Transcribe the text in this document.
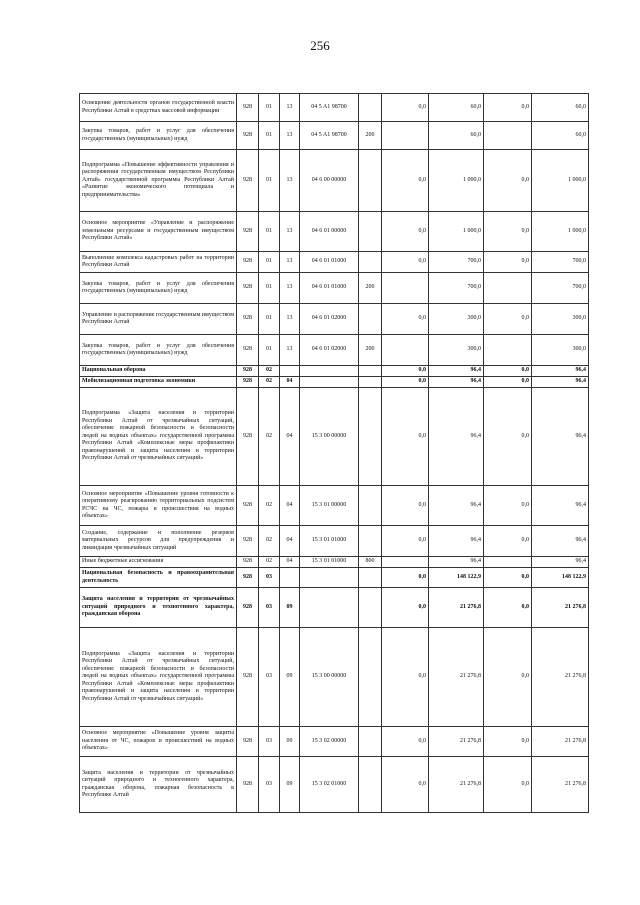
256
Освещение деятельности органов государственной власти Республики Алтай в средствах массовой информации	928	01	13	04 5 A1 98700		0,0	60,0	0,0	60,0
Закупка товаров, работ и услуг для обеспечения государственных (муниципальных) нужд	928	01	13	04 5 A1 98700	200		60,0		60,0
Подпрограмма «Повышение эффективности управления и распоряжения государственным имуществом Республики Алтай» государственной программы Республики Алтай «Развитие экономического потенциала и предпринимательства»	928	01	13	04 6 00 00000		0,0	1 000,0	0,0	1 000,0
Основное мероприятие «Управление и распоряжение земельными ресурсами и государственным имуществом Республики Алтай»	928	01	13	04 6 01 00000		0,0	1 000,0	0,0	1 000,0
Выполнение комплекса кадастровых работ на территории Республики Алтай	928	01	13	04 6 01 01000		0,0	700,0	0,0	700,0
Закупка товаров, работ и услуг для обеспечения государственных (муниципальных) нужд	928	01	13	04 6 01 01000	200		700,0		700,0
Управление и распоряжение государственным имуществом Республики Алтай	928	01	13	04 6 01 02000		0,0	300,0	0,0	300,0
Закупка товаров, работ и услуг для обеспечения государственных (муниципальных) нужд	928	01	13	04 6 01 02000	200		300,0		300,0
Национальная оборона	928	02				0,0	96,4	0,0	96,4
Мобилизационная подготовка экономики	928	02	04			0,0	96,4	0,0	96,4
Подпрограмма «Защита населения и территории Республики Алтай от чрезвычайных ситуаций, обеспечение пожарной безопасности и безопасности людей на водных объектах» государственной программы Республики Алтай «Комплексные меры профилактики правонарушений и защита населения и территории Республики Алтай от чрезвычайных ситуаций»	928	02	04	15 3 00 00000		0,0	96,4	0,0	96,4
Основное мероприятие «Повышение уровня готовности к оперативному реагированию территориальных подсистем РСЧС на ЧС, пожары и происшествия на водных объектах»	928	02	04	15 3 01 00000		0,0	96,4	0,0	96,4
Создание, содержание и пополнение резервов материальных ресурсов для предупреждения и ликвидации чрезвычайных ситуаций	928	02	04	15 3 01 01000		0,0	96,4	0,0	96,4
Иные бюджетные ассигнования	928	02	04	15 3 01 01000	800		96,4		96,4
Национальная безопасность и правоохранительная деятельность	928	03				0,0	148 122,9	0,0	148 122,9
Защита населения и территории от чрезвычайных ситуаций природного и техногенного характера, гражданская оборона	928	03	09			0,0	21 276,8	0,0	21 276,8
Подпрограмма «Защита населения и территории Республики Алтай от чрезвычайных ситуаций, обеспечение пожарной безопасности и безопасности людей на водных объектах» государственной программы Республики Алтай «Комплексные меры профилактики правонарушений и защита населения и территории Республики Алтай от чрезвычайных ситуаций»	928	03	09	15 3 00 00000		0,0	21 276,8	0,0	21 276,8
Основное мероприятие «Повышение уровня защиты населения от ЧС, пожаров и происшествий на водных объектах»	928	03	09	15 3 02 00000		0,0	21 276,8	0,0	21 276,8
Защита населения и территории от чрезвычайных ситуаций природного и техногенного характера, гражданская оборона, пожарная безопасность в Республике Алтай	928	03	09	15 3 02 01000		0,0	21 276,8	0,0	21 276,8
